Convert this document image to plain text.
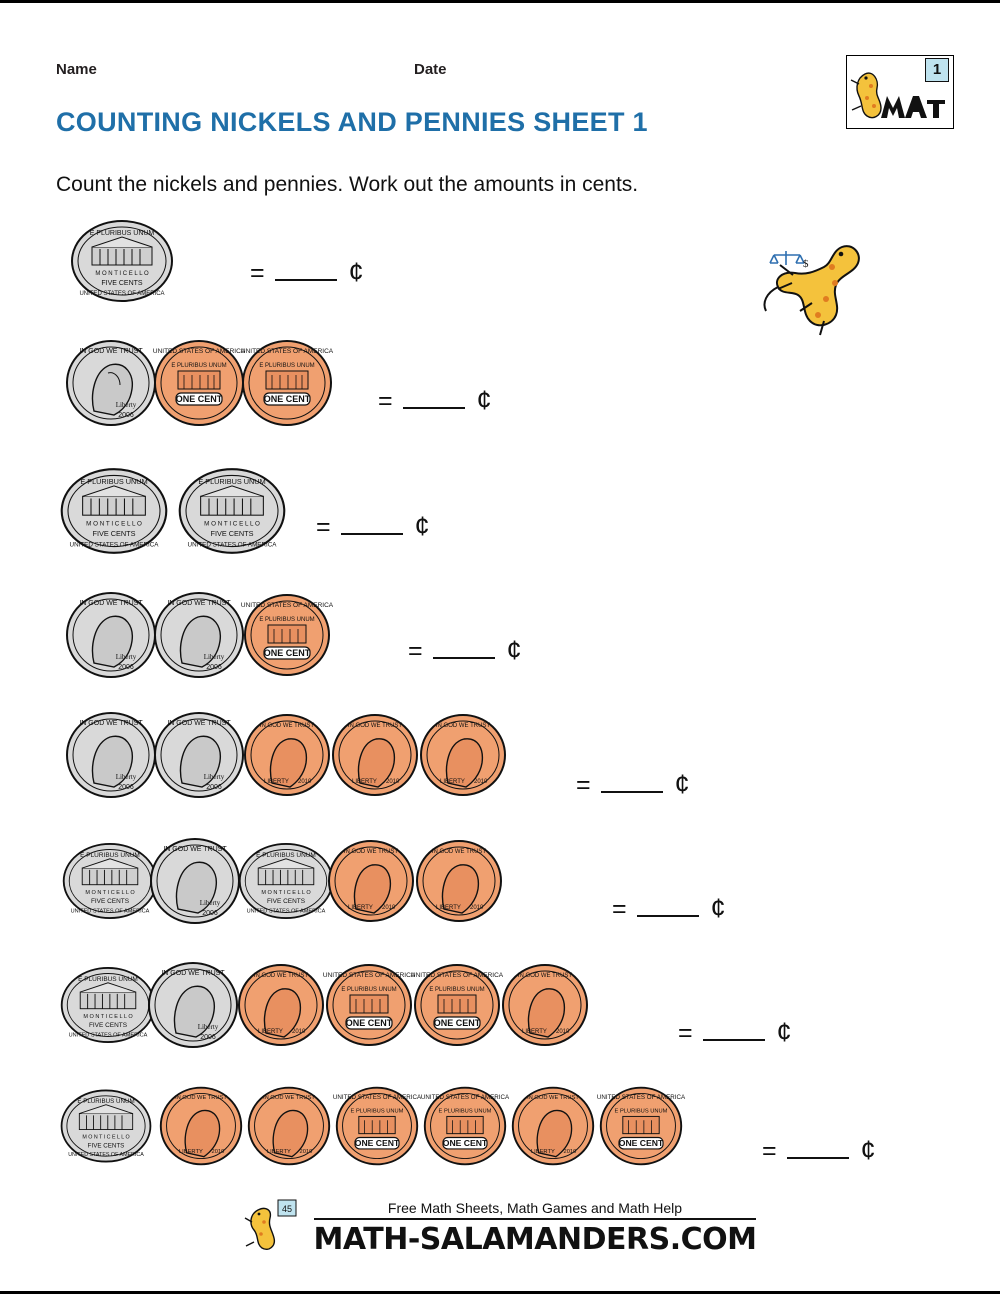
Name	Date	1
COUNTING NICKELS AND PENNIES SHEET 1
Count the nickels and pennies. Work out the amounts in cents.
$
E PLURIBUS UNUM
M O N T I C E L L O
FIVE CENTS
UNITED STATES OF AMERICA
=	¢
IN GOD WE TRUST
Liberty
2006
UNITED STATES OF AMERICA
E PLURIBUS UNUM
ONE CENT
UNITED STATES OF AMERICA
E PLURIBUS UNUM
ONE CENT	=	¢
E PLURIBUS UNUM
M O N T I C E L L O
FIVE CENTS
UNITED STATES OF AMERICA
E PLURIBUS UNUM
M O N T I C E L L O
FIVE CENTS
UNITED STATES OF AMERICA
=	¢
IN GOD WE TRUST
Liberty
2006
IN GOD WE TRUST
Liberty
2006
UNITED STATES OF AMERICA
E PLURIBUS UNUM
ONE CENT	=	¢
IN GOD WE TRUST
Liberty
2006
IN GOD WE TRUST
Liberty
2006
IN GOD WE TRUST
LIBERTY 2010
IN GOD WE TRUST
LIBERTY 2010
IN GOD WE TRUST
LIBERTY 2010	=	¢
E PLURIBUS UNUM
M O N T I C E L L O
FIVE CENTS
UNITED STATES OF AMERICA
IN GOD WE TRUST
Liberty
2006
E PLURIBUS UNUM
M O N T I C E L L O
FIVE CENTS
UNITED STATES OF AMERICA
IN GOD WE TRUST
LIBERTY 2010
IN GOD WE TRUST
LIBERTY 2010	=	¢
E PLURIBUS UNUM
M O N T I C E L L O
FIVE CENTS
UNITED STATES OF AMERICA
IN GOD WE TRUST
Liberty
2006
IN GOD WE TRUST
LIBERTY 2010
UNITED STATES OF AMERICA
E PLURIBUS UNUM
ONE CENT
UNITED STATES OF AMERICA
E PLURIBUS UNUM
ONE CENT
IN GOD WE TRUST
LIBERTY 2010	=	¢
E PLURIBUS UNUM
M O N T I C E L L O
FIVE CENTS
UNITED STATES OF AMERICA
IN GOD WE TRUST
LIBERTY 2010
IN GOD WE TRUST
LIBERTY 2010
UNITED STATES OF AMERICA
E PLURIBUS UNUM
ONE CENT
UNITED STATES OF AMERICA
E PLURIBUS UNUM
ONE CENT
IN GOD WE TRUST
LIBERTY 2010
UNITED STATES OF AMERICA
E PLURIBUS UNUM
ONE CENT	=	¢
45	Free Math Sheets, Math Games and Math Help
MATH-SALAMANDERS.COM
